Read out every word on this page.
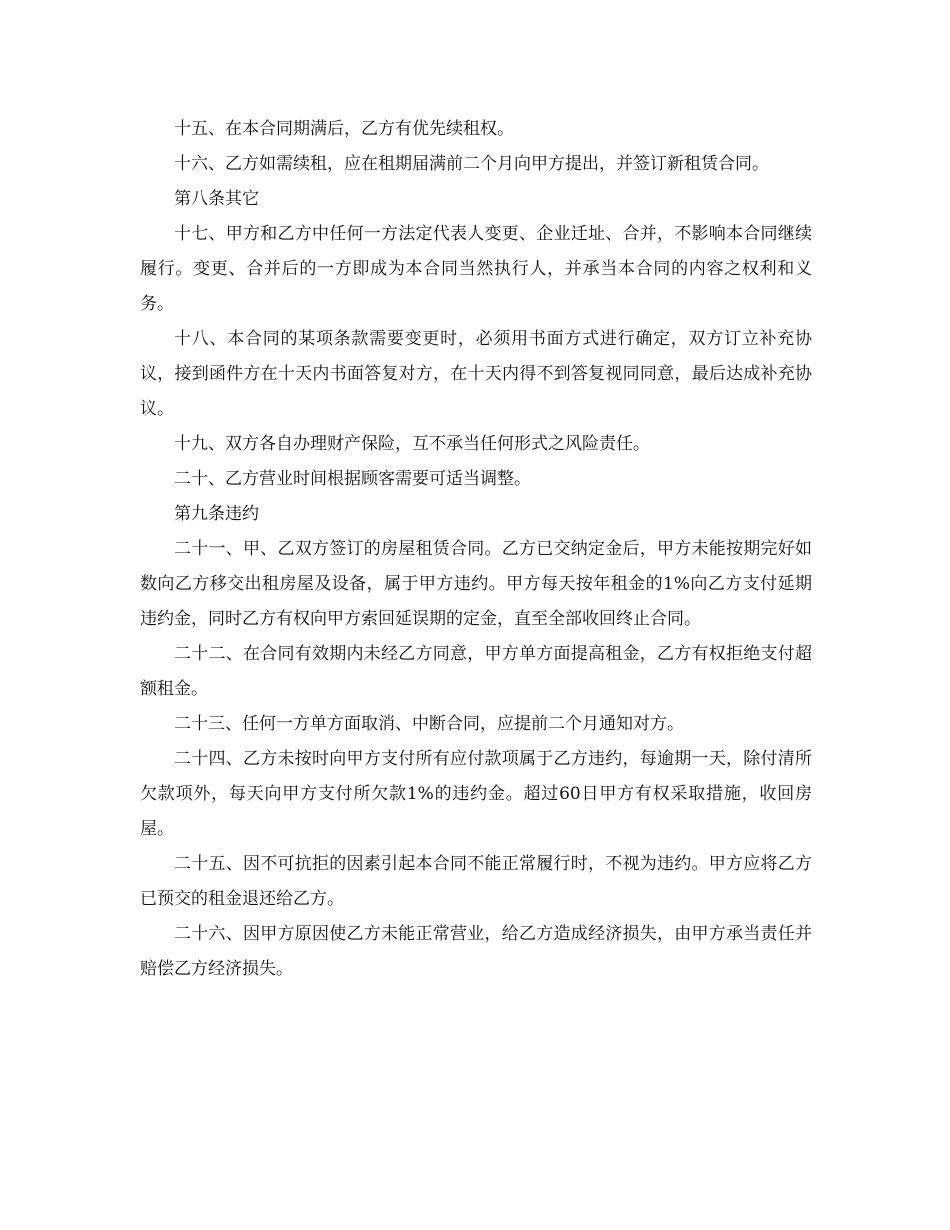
十五、在本合同期满后，乙方有优先续租权。

十六、乙方如需续租，应在租期届满前二个月向甲方提出，并签订新租赁合同。

第八条其它

十七、甲方和乙方中任何一方法定代表人变更、企业迁址、合并，不影响本合同继续履行。变更、合并后的一方即成为本合同当然执行人，并承当本合同的内容之权利和义务。

十八、本合同的某项条款需要变更时，必须用书面方式进行确定，双方订立补充协议，接到函件方在十天内书面答复对方，在十天内得不到答复视同同意，最后达成补充协议。

十九、双方各自办理财产保险，互不承当任何形式之风险责任。

二十、乙方营业时间根据顾客需要可适当调整。

第九条违约

二十一、甲、乙双方签订的房屋租赁合同。乙方已交纳定金后，甲方未能按期完好如数向乙方移交出租房屋及设备，属于甲方违约。甲方每天按年租金的1%向乙方支付延期违约金，同时乙方有权向甲方索回延误期的定金，直至全部收回终止合同。

二十二、在合同有效期内未经乙方同意，甲方单方面提高租金，乙方有权拒绝支付超额租金。

二十三、任何一方单方面取消、中断合同，应提前二个月通知对方。

二十四、乙方未按时向甲方支付所有应付款项属于乙方违约，每逾期一天，除付清所欠款项外，每天向甲方支付所欠款1%的违约金。超过60日甲方有权采取措施，收回房屋。

二十五、因不可抗拒的因素引起本合同不能正常履行时，不视为违约。甲方应将乙方已预交的租金退还给乙方。

二十六、因甲方原因使乙方未能正常营业，给乙方造成经济损失，由甲方承当责任并赔偿乙方经济损失。
